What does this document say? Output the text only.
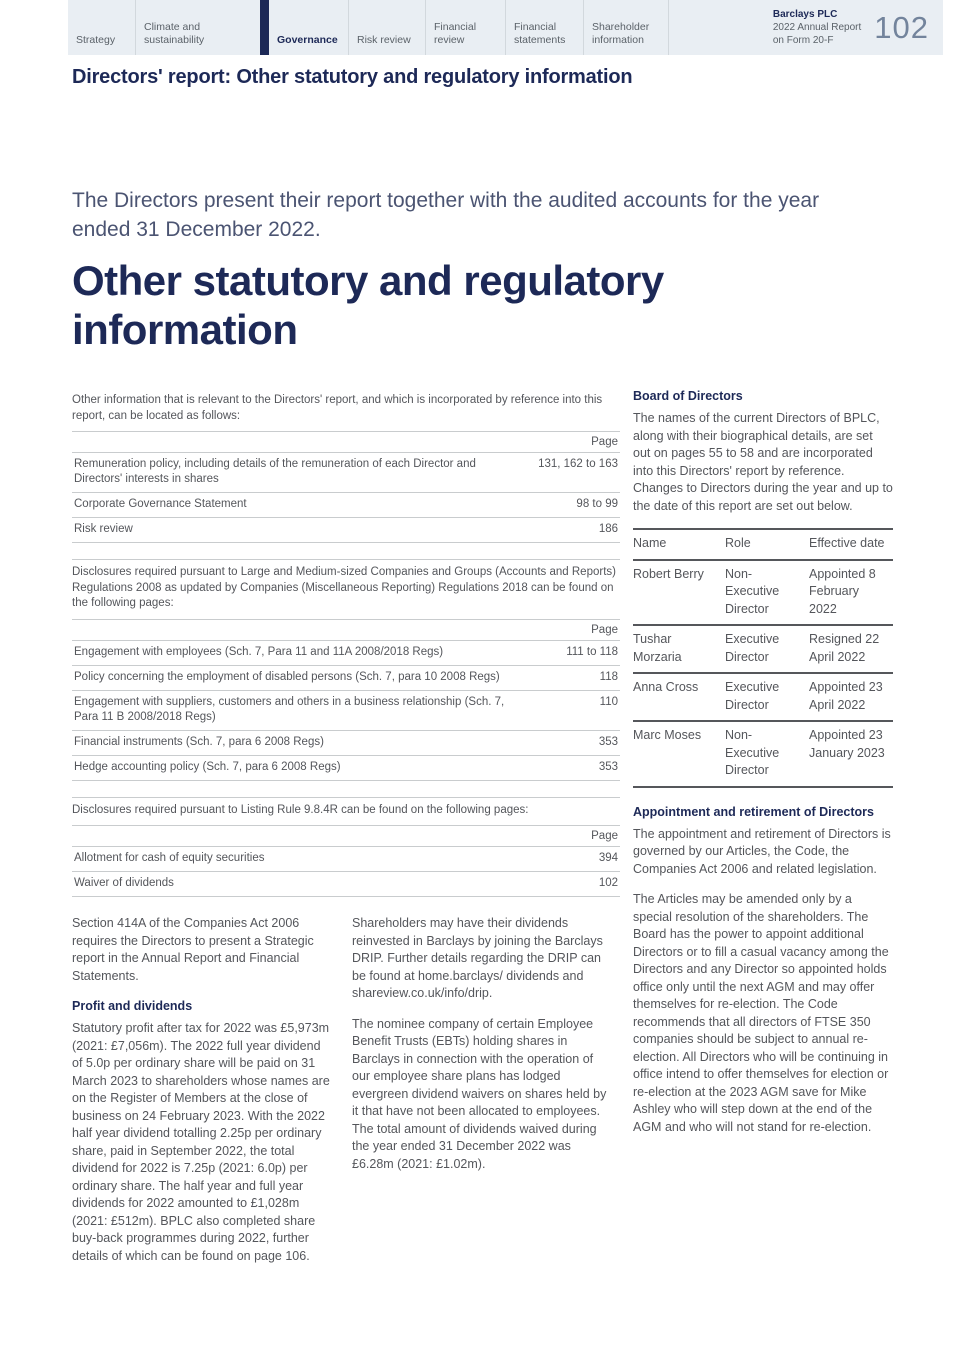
Strategy
Climate and sustainability	Governance Risk review
Financial review
Financial statements
Shareholder information
Barclays PLC
2022 Annual Report
on Form 20-F	102
Directors' report: Other statutory and regulatory information
The Directors present their report together with the audited accounts for the year ended 31 December 2022.
Other statutory and regulatory information
Other information that is relevant to the Directors' report, and which is incorporated by reference into this report, can be located as follows:
Page
Remuneration policy, including details of the remuneration of each Director and Directors' interests in shares
131, 162 to 163
Corporate Governance Statement	98 to 99
Risk review	186
Disclosures required pursuant to Large and Medium-sized Companies and Groups (Accounts and Reports) Regulations 2008 as updated by Companies (Miscellaneous Reporting) Regulations 2018 can be found on the following pages:
Page
Engagement with employees (Sch. 7, Para 11 and 11A 2008/2018 Regs)	111 to 118
Policy concerning the employment of disabled persons (Sch. 7, para 10 2008 Regs)	118
Engagement with suppliers, customers and others in a business relationship (Sch. 7, Para 11 B 2008/2018 Regs)
110
Financial instruments (Sch. 7, para 6 2008 Regs)	353
Hedge accounting policy (Sch. 7, para 6 2008 Regs)	353
Disclosures required pursuant to Listing Rule 9.8.4R can be found on the following pages:
Page
Allotment for cash of equity securities	394
Waiver of dividends	102

Section 414A of the Companies Act 2006 requires the Directors to present a Strategic report in the Annual Report and Financial Statements.

Profit and dividends

Statutory profit after tax for 2022 was £5,973m (2021: £7,056m). The 2022 full year dividend of 5.0p per ordinary share will be paid on 31 March 2023 to shareholders whose names are on the Register of Members at the close of business on 24 February 2023. With the 2022 half year dividend totalling 2.25p per ordinary share, paid in September 2022, the total dividend for 2022 is 7.25p (2021: 6.0p) per ordinary share. The half year and full year dividends for 2022 amounted to £1,028m (2021: £512m). BPLC also completed share buy-back programmes during 2022, further details of which can be found on page 106.

Shareholders may have their dividends reinvested in Barclays by joining the Barclays DRIP. Further details regarding the DRIP can be found at home.barclays/ dividends and shareview.co.uk/info/drip.

The nominee company of certain Employee Benefit Trusts (EBTs) holding shares in Barclays in connection with the operation of our employee share plans has lodged evergreen dividend waivers on shares held by it that have not been allocated to employees. The total amount of dividends waived during the year ended 31 December 2022 was £6.28m (2021: £1.02m).

Board of Directors

The names of the current Directors of BPLC, along with their biographical details, are set out on pages 55 to 58 and are incorporated into this Directors' report by reference. Changes to Directors during the year and up to the date of this report are set out below.

Name	Role	Effective date
Robert Berry	Non-Executive Director	Appointed 8 February 2022
Tushar Morzaria	Executive Director	Resigned 22 April 2022
Anna Cross	Executive Director	Appointed 23 April 2022
Marc Moses	Non-Executive Director	Appointed 23 January 2023
Appointment and retirement of Directors

The appointment and retirement of Directors is governed by our Articles, the Code, the Companies Act 2006 and related legislation.

The Articles may be amended only by a special resolution of the shareholders. The Board has the power to appoint additional Directors or to fill a casual vacancy among the Directors and any Director so appointed holds office only until the next AGM and may offer themselves for re-election. The Code recommends that all directors of FTSE 350 companies should be subject to annual re-election. All Directors who will be continuing in office intend to offer themselves for election or re-election at the 2023 AGM save for Mike Ashley who will step down at the end of the AGM and who will not stand for re-election.
